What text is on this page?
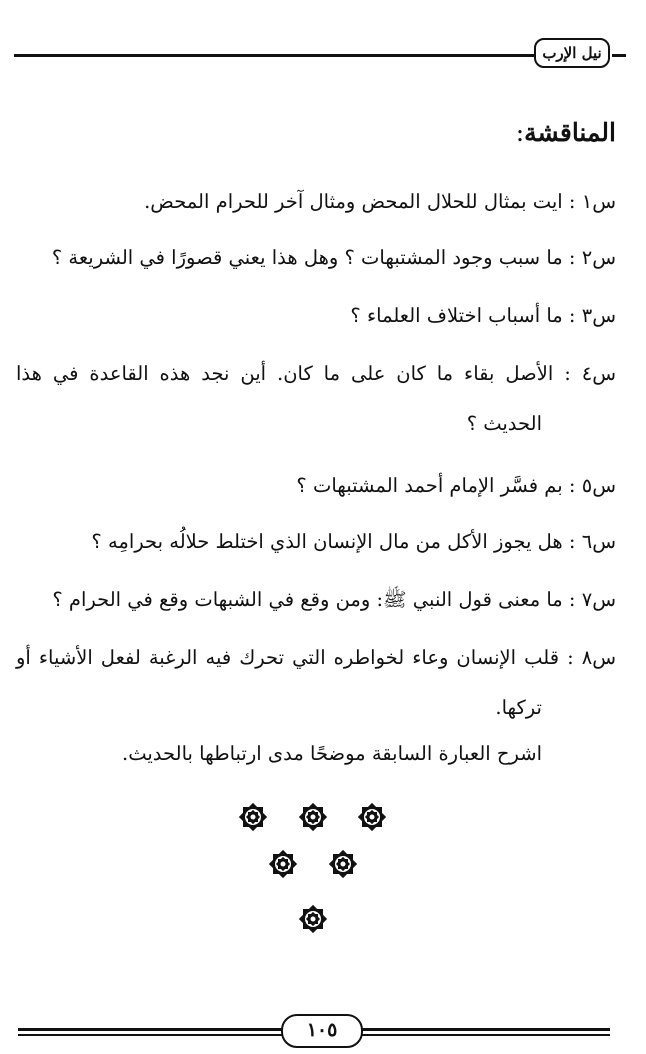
نيل الإرب
المناقشة:
س١ : ايت بمثال للحلال المحض ومثال آخر للحرام المحض.
س٢ : ما سبب وجود المشتبهات ؟ وهل هذا يعني قصورًا في الشريعة ؟
س٣ : ما أسباب اختلاف العلماء ؟
س٤ : الأصل بقاء ما كان على ما كان. أين نجد هذه القاعدة في هذا
الحديث ؟
س٥ : بم فسَّر الإمام أحمد المشتبهات ؟
س٦ : هل يجوز الأكل من مال الإنسان الذي اختلط حلالُه بحرامِه ؟
س٧ : ما معنى قول النبي ﷺ: ومن وقع في الشبهات وقع في الحرام ؟
س٨ : قلب الإنسان وعاء لخواطره التي تحرك فيه الرغبة لفعل الأشياء أو
تركها.
اشرح العبارة السابقة موضحًا مدى ارتباطها بالحديث.
١٠٥
